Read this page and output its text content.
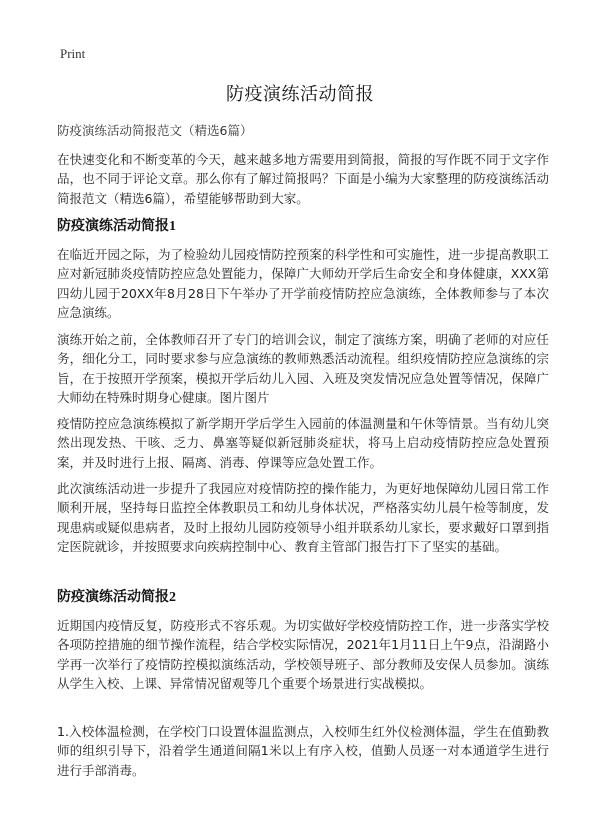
Print
防疫演练活动简报
防疫演练活动简报范文（精选6篇）

在快速变化和不断变革的今天，越来越多地方需要用到简报，简报的写作既不同于文字作品，也不同于评论文章。那么你有了解过简报吗？下面是小编为大家整理的防疫演练活动简报范文（精选6篇），希望能够帮助到大家。

防疫演练活动简报1

在临近开园之际，为了检验幼儿园疫情防控预案的科学性和可实施性，进一步提高教职工应对新冠肺炎疫情防控应急处置能力，保障广大师幼开学后生命安全和身体健康，XXX第四幼儿园于20XX年8月28日下午举办了开学前疫情防控应急演练，全体教师参与了本次应急演练。

演练开始之前，全体教师召开了专门的培训会议，制定了演练方案，明确了老师的对应任务，细化分工，同时要求参与应急演练的教师熟悉活动流程。组织疫情防控应急演练的宗旨，在于按照开学预案，模拟开学后幼儿入园、入班及突发情况应急处置等情况，保障广大师幼在特殊时期身心健康。图片图片

疫情防控应急演练模拟了新学期开学后学生入园前的体温测量和午休等情景。当有幼儿突然出现发热、干咳、乏力、鼻塞等疑似新冠肺炎症状，将马上启动疫情防控应急处置预案，并及时进行上报、隔离、消毒、停课等应急处置工作。

此次演练活动进一步提升了我园应对疫情防控的操作能力，为更好地保障幼儿园日常工作顺利开展，坚持每日监控全体教职员工和幼儿身体状况，严格落实幼儿晨午检等制度，发现患病或疑似患病者，及时上报幼儿园防疫领导小组并联系幼儿家长，要求戴好口罩到指定医院就诊，并按照要求向疾病控制中心、教育主管部门报告打下了坚实的基础。

防疫演练活动简报2

近期国内疫情反复，防疫形式不容乐观。为切实做好学校疫情防控工作，进一步落实学校各项防控措施的细节操作流程，结合学校实际情况，2021年1月11日上午9点，沿湖路小学再一次举行了疫情防控模拟演练活动，学校领导班子、部分教师及安保人员参加。演练从学生入校、上课、异常情况留观等几个重要个场景进行实战模拟。

1.入校体温检测，在学校门口设置体温监测点，入校师生红外仪检测体温，学生在值勤教师的组织引导下，沿着学生通道间隔1米以上有序入校，值勤人员逐一对本通道学生进行进行手部消毒。
